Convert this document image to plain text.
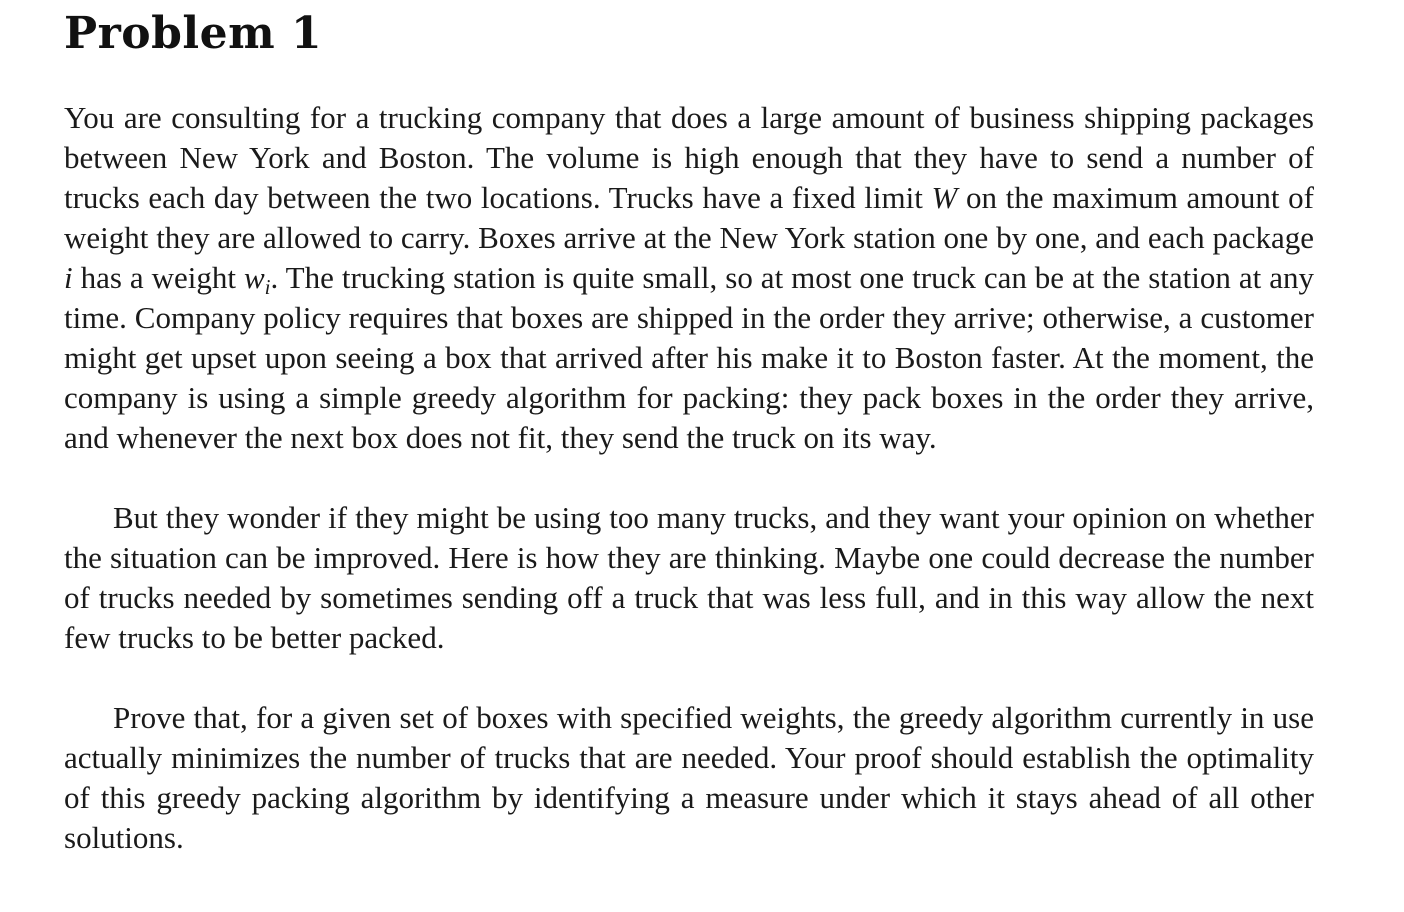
Problem 1

You are consulting for a trucking company that does a large amount of business shipping packages between New York and Boston. The volume is high enough that they have to send a number of trucks each day between the two locations. Trucks have a fixed limit W on the maximum amount of weight they are allowed to carry. Boxes arrive at the New York station one by one, and each package i has a weight $w_i$. The trucking station is quite small, so at most one truck can be at the station at any time. Company policy requires that boxes are shipped in the order they arrive; otherwise, a customer might get upset upon seeing a box that arrived after his make it to Boston faster. At the moment, the company is using a simple greedy algorithm for packing: they pack boxes in the order they arrive, and whenever the next box does not fit, they send the truck on its way.

But they wonder if they might be using too many trucks, and they want your opinion on whether the situation can be improved. Here is how they are thinking. Maybe one could decrease the number of trucks needed by sometimes sending off a truck that was less full, and in this way allow the next few trucks to be better packed.

Prove that, for a given set of boxes with specified weights, the greedy algorithm currently in use actually minimizes the number of trucks that are needed. Your proof should establish the optimality of this greedy packing algorithm by identifying a measure under which it stays ahead of all other solutions.
